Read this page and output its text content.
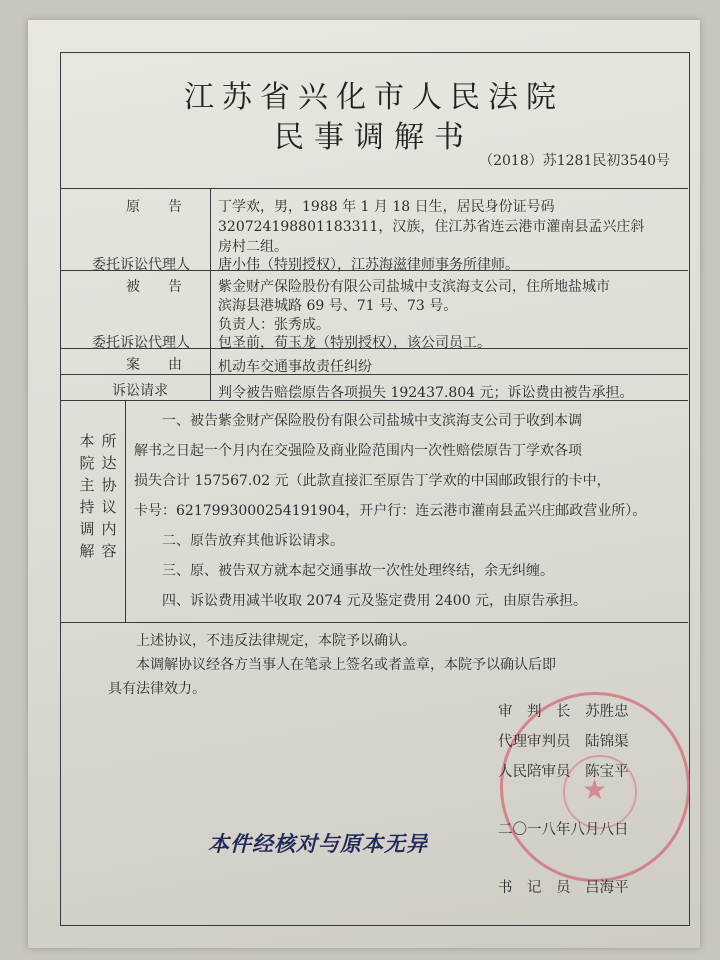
江苏省兴化市人民法院
民事调解书
（2018）苏1281民初3540号
原　　告
委托诉讼代理人
被　　告
委托诉讼代理人
案　　由
诉讼请求
丁学欢，男，1988 年 1 月 18 日生，居民身份证号码
320724198801183311，汉族，住江苏省连云港市灌南县孟兴庄斜
房村二组。
唐小伟（特别授权），江苏海滋律师事务所律师。
紫金财产保险股份有限公司盐城中支滨海支公司，住所地盐城市
滨海县港城路 69 号、71 号、73 号。
负责人：张秀成。
包圣前，荀玉龙（特别授权），该公司员工。
机动车交通事故责任纠纷
判令被告赔偿原告各项损失 192437.804 元；诉讼费由被告承担。
本院主持调解
所达协议内容
一、被告紫金财产保险股份有限公司盐城中支滨海支公司于收到本调
解书之日起一个月内在交强险及商业险范围内一次性赔偿原告丁学欢各项
损失合计 157567.02 元（此款直接汇至原告丁学欢的中国邮政银行的卡中，
卡号：6217993000254191904，开户行：连云港市灌南县孟兴庄邮政营业所）。
二、原告放弃其他诉讼请求。
三、原、被告双方就本起交通事故一次性处理终结，余无纠缠。
四、诉讼费用减半收取 2074 元及鉴定费用 2400 元，由原告承担。
上述协议，不违反法律规定，本院予以确认。
本调解协议经各方当事人在笔录上签名或者盖章，本院予以确认后即
具有法律效力。
★
审　判　长 苏胜忠
代理审判员 陆锦渠
人民陪审员 陈宝平
二〇一八年八月八日
书　记　员 吕海平
本件经核对与原本无异
